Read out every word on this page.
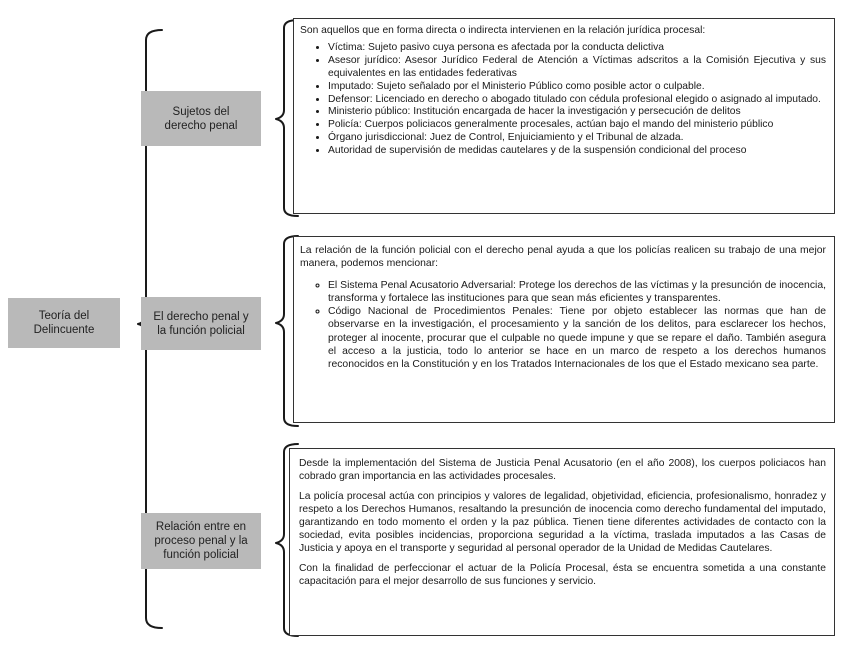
Teoría del Delincuente
Sujetos del derecho penal
El derecho penal y la función policial
Relación entre en proceso penal y la función policial

Son aquellos que en forma directa o indirecta intervienen en la relación jurídica procesal:

• Víctima: Sujeto pasivo cuya persona es afectada por la conducta delictiva
• Asesor jurídico: Asesor Jurídico Federal de Atención a Víctimas adscritos a la Comisión Ejecutiva y sus equivalentes en las entidades federativas
• Imputado: Sujeto señalado por el Ministerio Público como posible actor o culpable.
• Defensor: Licenciado en derecho o abogado titulado con cédula profesional elegido o asignado al imputado.
• Ministerio público: Institución encargada de hacer la investigación y persecución de delitos
• Policía: Cuerpos policiacos generalmente procesales, actúan bajo el mando del ministerio público
• Órgano jurisdiccional: Juez de Control, Enjuiciamiento y el Tribunal de alzada.
• Autoridad de supervisión de medidas cautelares y de la suspensión condicional del proceso

La relación de la función policial con el derecho penal ayuda a que los policías realicen su trabajo de una mejor manera, podemos mencionar:

◦ El Sistema Penal Acusatorio Adversarial: Protege los derechos de las víctimas y la presunción de inocencia, transforma y fortalece las instituciones para que sean más eficientes y transparentes.
◦ Código Nacional de Procedimientos Penales: Tiene por objeto establecer las normas que han de observarse en la investigación, el procesamiento y la sanción de los delitos, para esclarecer los hechos, proteger al inocente, procurar que el culpable no quede impune y que se repare el daño. También asegura el acceso a la justicia, todo lo anterior se hace en un marco de respeto a los derechos humanos reconocidos en la Constitución y en los Tratados Internacionales de los que el Estado mexicano sea parte.

Desde la implementación del Sistema de Justicia Penal Acusatorio (en el año 2008), los cuerpos policiacos han cobrado gran importancia en las actividades procesales.

La policía procesal actúa con principios y valores de legalidad, objetividad, eficiencia, profesionalismo, honradez y respeto a los Derechos Humanos, resaltando la presunción de inocencia como derecho fundamental del imputado, garantizando en todo momento el orden y la paz pública. Tienen tiene diferentes actividades de contacto con la sociedad, evita posibles incidencias, proporciona seguridad a la víctima, traslada imputados a las Casas de Justicia y apoya en el transporte y seguridad al personal operador de la Unidad de Medidas Cautelares.

Con la finalidad de perfeccionar el actuar de la Policía Procesal, ésta se encuentra sometida a una constante capacitación para el mejor desarrollo de sus funciones y servicio.
